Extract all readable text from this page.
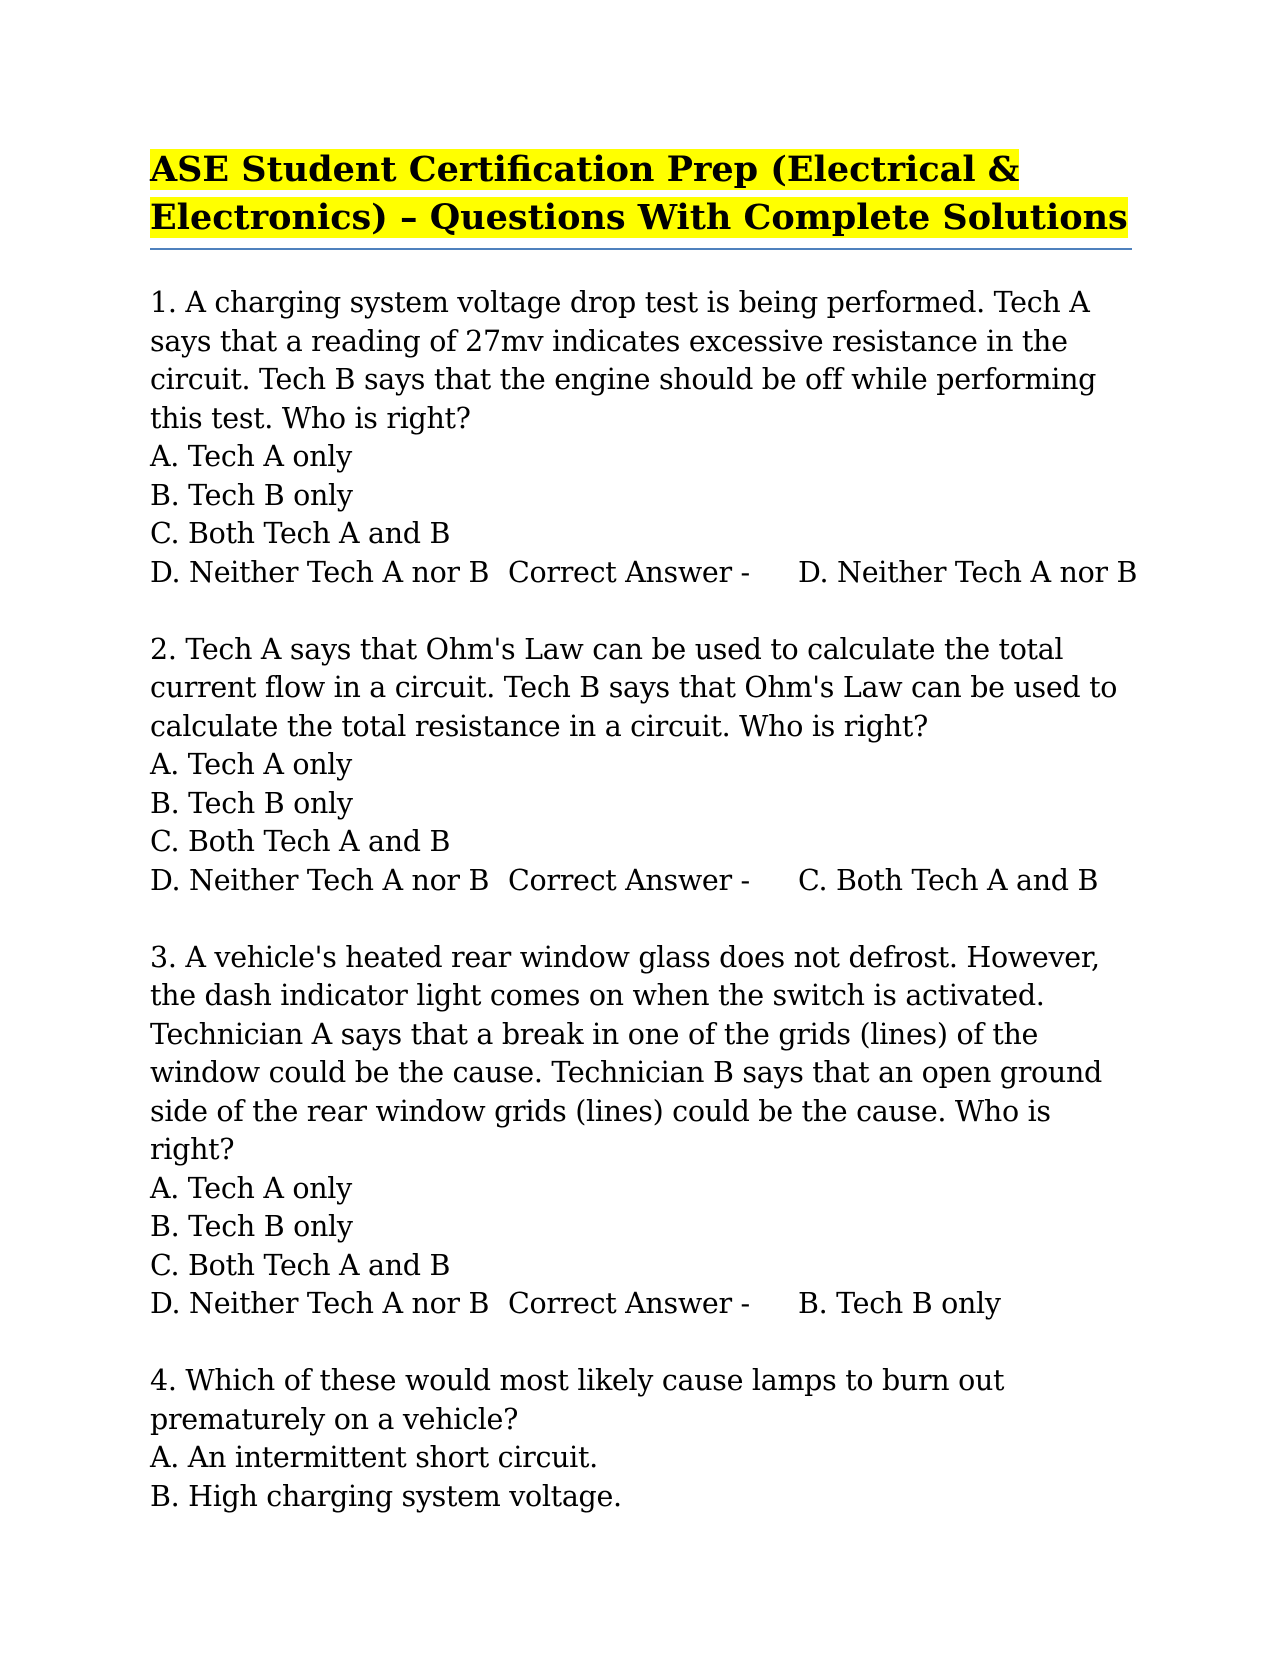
ASE Student Certification Prep (Electrical &
Electronics) – Questions With Complete Solutions

1. A charging system voltage drop test is being performed. Tech A says that a reading of 27mv indicates excessive resistance in the circuit. Tech B says that the engine should be off while performing this test. Who is right?

A. Tech A only

B. Tech B only

C. Both Tech A and B

D. Neither Tech A nor B Correct Answer -	D. Neither Tech A nor B

2. Tech A says that Ohm's Law can be used to calculate the total current flow in a circuit. Tech B says that Ohm's Law can be used to calculate the total resistance in a circuit. Who is right?

A. Tech A only

B. Tech B only

C. Both Tech A and B

D. Neither Tech A nor B Correct Answer -	C. Both Tech A and B

3. A vehicle's heated rear window glass does not defrost. However, the dash indicator light comes on when the switch is activated. Technician A says that a break in one of the grids (lines) of the window could be the cause. Technician B says that an open ground side of the rear window grids (lines) could be the cause. Who is right?

A. Tech A only

B. Tech B only

C. Both Tech A and B

D. Neither Tech A nor B Correct Answer -	B. Tech B only

4. Which of these would most likely cause lamps to burn out prematurely on a vehicle?

A. An intermittent short circuit.

B. High charging system voltage.
